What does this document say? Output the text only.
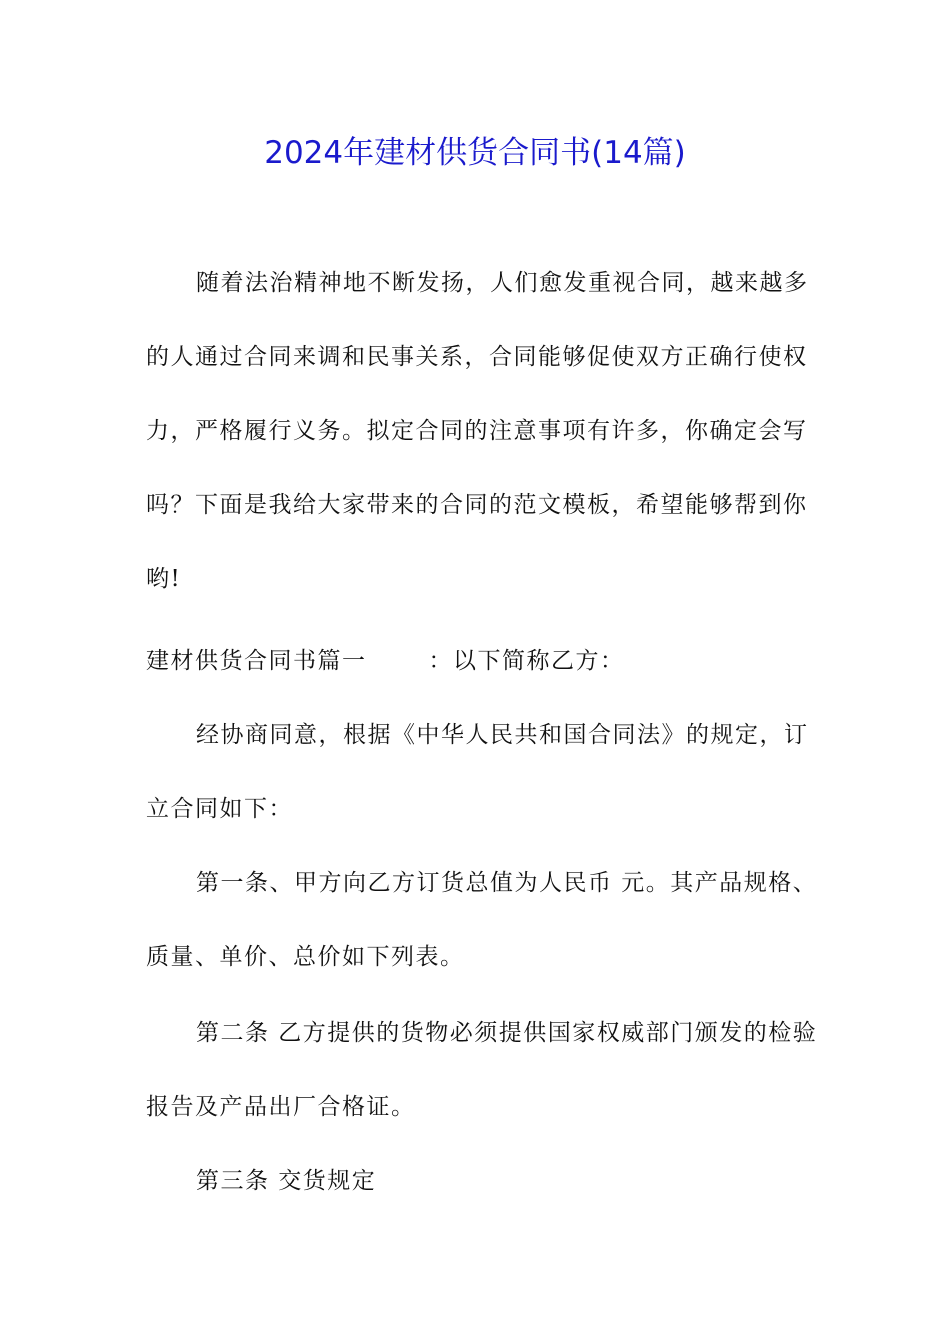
2024年建材供货合同书(14篇)
随着法治精神地不断发扬，人们愈发重视合同，越来越多
的人通过合同来调和民事关系，合同能够促使双方正确行使权
力，严格履行义务。拟定合同的注意事项有许多，你确定会写
吗？下面是我给大家带来的合同的范文模板，希望能够帮到你
哟!
建材供货合同书篇一	：以下简称乙方：
经协商同意，根据《中华人民共和国合同法》的规定，订
立合同如下：
第一条、甲方向乙方订货总值为人民币 元。其产品规格、
质量、单价、总价如下列表。
第二条 乙方提供的货物必须提供国家权威部门颁发的检验
报告及产品出厂合格证。
第三条 交货规定
